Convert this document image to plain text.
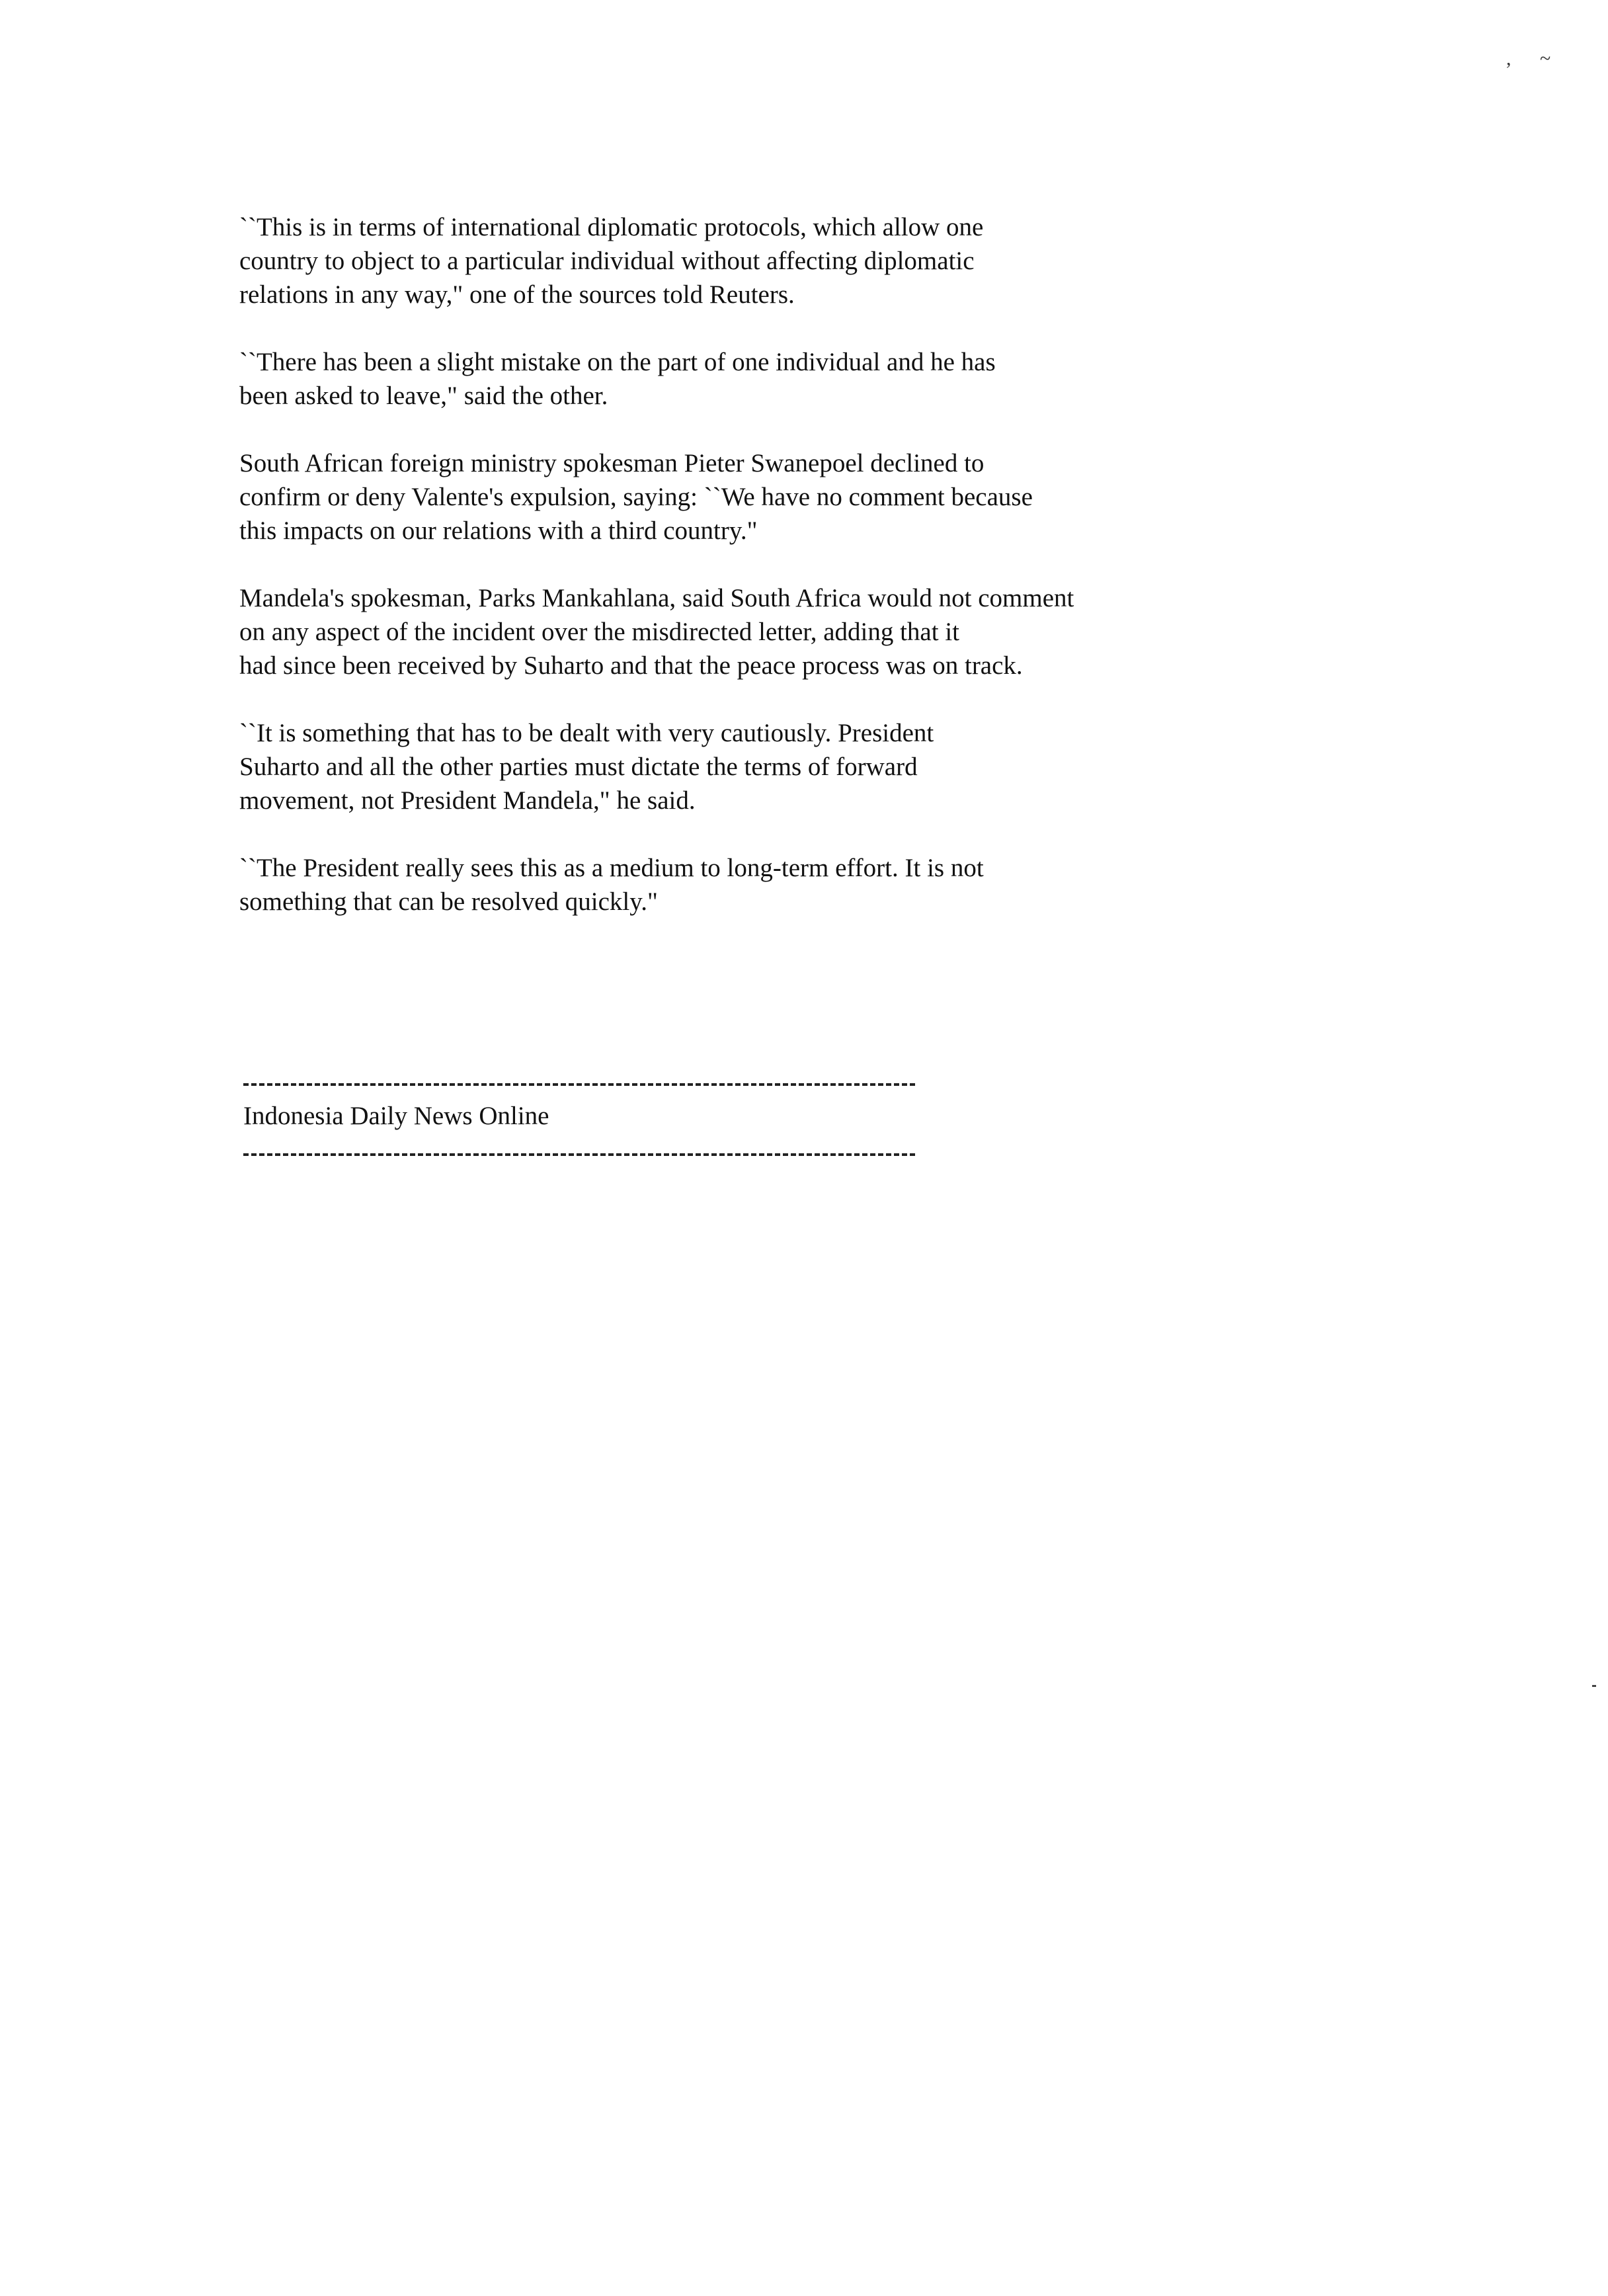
, ~

``This is in terms of international diplomatic protocols, which allow one
country to object to a particular individual without affecting diplomatic
relations in any way," one of the sources told Reuters.

``There has been a slight mistake on the part of one individual and he has
been asked to leave," said the other.

South African foreign ministry spokesman Pieter Swanepoel declined to
confirm or deny Valente's expulsion, saying: ``We have no comment because
this impacts on our relations with a third country."

Mandela's spokesman, Parks Mankahlana, said South Africa would not comment
on any aspect of the incident over the misdirected letter, adding that it
had since been received by Suharto and that the peace process was on track.

``It is something that has to be dealt with very cautiously. President
Suharto and all the other parties must dictate the terms of forward
movement, not President Mandela," he said.

``The President really sees this as a medium to long-term effort. It is not
something that can be resolved quickly."

Indonesia Daily News Online
